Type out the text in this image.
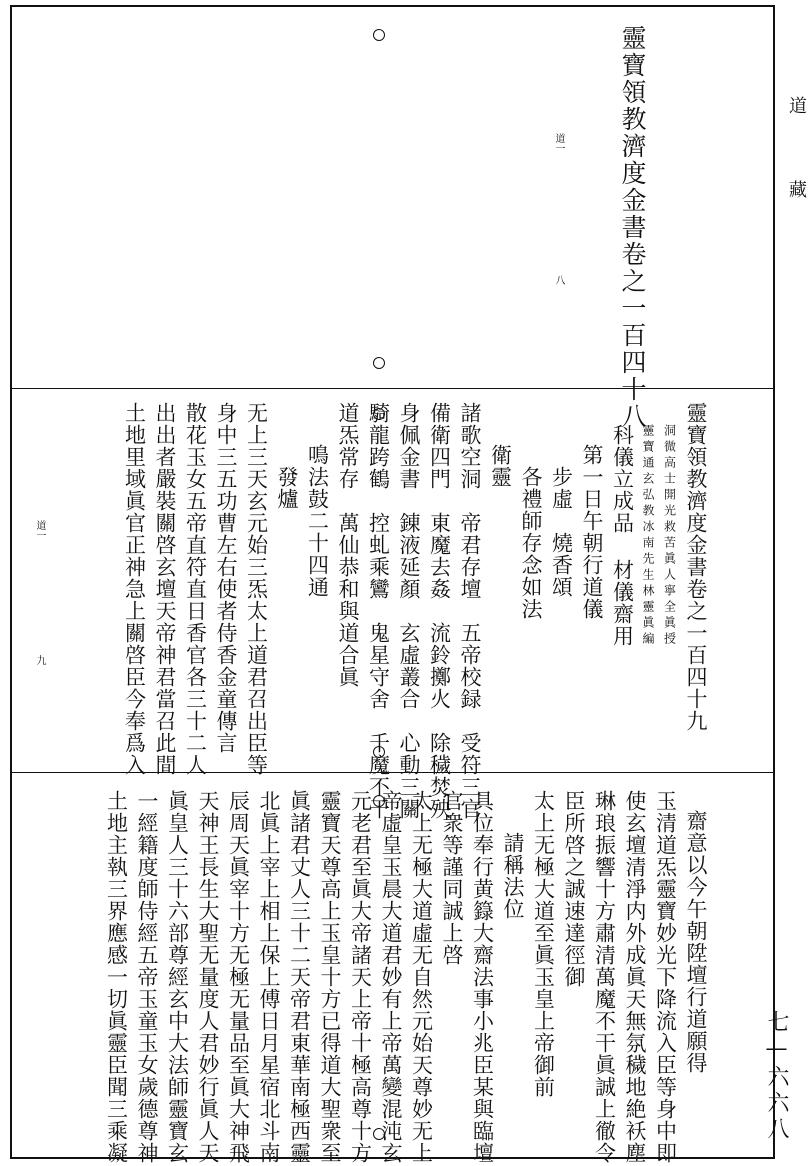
道
藏
七—六六八
道一
八 靈寶領教濟度金書卷之一百四十八
道一
九	靈寶領教濟度金書卷之一百四十九
洞微高士開光救苦眞人寧全眞授
靈寶通玄弘教冰南先生林靈眞編
科儀立成品 材儀齋用
第一日午朝行道儀
步虛　燒香頌
各禮師存念如法
衛靈
諸歌空洞　帝君存壇　五帝校録　受符三官
備衛四門　東魔去姦　流鈴擲火　除穢焚殃
身佩金書　錬液延顏　玄虛叢合　心動三關
騎龍跨鶴　控虬乘鸞　鬼星守舍　千魔不干
道炁常存　萬仙恭和與道合眞
鳴法鼓二十四通
發爐
无上三天玄元始三炁太上道君召出臣等
身中三五功曹左右使者侍香金童傳言
散花玉女五帝直符直日香官各三十二人
出出者嚴裝關啓玄壇天帝神君當召此間
土地里域眞官正神急上關啓臣今奉爲入
齋意以今午朝陞壇行道願得
玉清道炁靈寶妙光下降流入臣等身中即
使玄壇清淨内外成眞天無氛穢地絶袄塵
琳琅振響十方肅清萬魔不干眞誠上徹令
臣所啓之誠速達徑御
太上无極大道至眞玉皇上帝御前
請稱法位
具位奉行黄籙大齋法事小兆臣某與臨壇
官衆等謹同誠上啓
太上无極大道虛无自然元始天尊妙无上
帝虛皇玉晨大道君妙有上帝萬變混沌玄
元老君至眞大帝諸天上帝十極高尊十方
靈寶天尊高上玉皇十方已得道大聖衆至
眞諸君丈人三十二天帝君東華南極西靈
北眞上宰上相上保上傅日月星宿北斗南
辰周天眞宰十方无極无量品至眞大神飛
天神王長生大聖无量度人君妙行眞人天
眞皇人三十六部尊經玄中大法師靈寶玄
一經籍度師侍經五帝玉童玉女歲德尊神
土地主執三界應感一切眞靈臣聞三乘凝
